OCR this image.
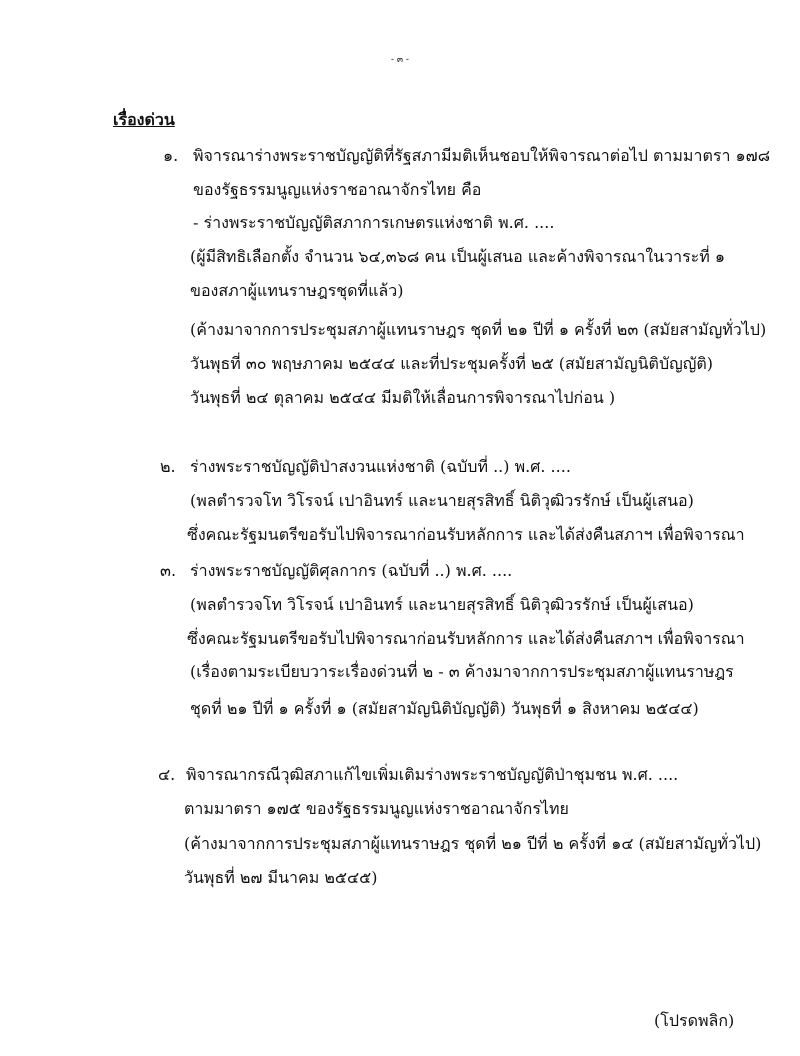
- ๓ -
เรื่องด่วน
๑. พิจารณาร่างพระราชบัญญัติที่รัฐสภามีมติเห็นชอบให้พิจารณาต่อไป ตามมาตรา ๑๗๘
ของรัฐธรรมนูญแห่งราชอาณาจักรไทย คือ
- ร่างพระราชบัญญัติสภาการเกษตรแห่งชาติ พ.ศ. ....
(ผู้มีสิทธิเลือกตั้ง จำนวน ๖๔,๓๖๘ คน เป็นผู้เสนอ และค้างพิจารณาในวาระที่ ๑
ของสภาผู้แทนราษฎรชุดที่แล้ว)
(ค้างมาจากการประชุมสภาผู้แทนราษฎร ชุดที่ ๒๑ ปีที่ ๑ ครั้งที่ ๒๓ (สมัยสามัญทั่วไป)
วันพุธที่ ๓๐ พฤษภาคม ๒๕๔๔ และที่ประชุมครั้งที่ ๒๕ (สมัยสามัญนิติบัญญัติ)
วันพุธที่ ๒๔ ตุลาคม ๒๕๔๔ มีมติให้เลื่อนการพิจารณาไปก่อน )
๒. ร่างพระราชบัญญัติป่าสงวนแห่งชาติ (ฉบับที่ ..) พ.ศ. ....
(พลตำรวจโท วิโรจน์ เปาอินทร์ และนายสุรสิทธิ์ นิติวุฒิวรรักษ์ เป็นผู้เสนอ)
ซึ่งคณะรัฐมนตรีขอรับไปพิจารณาก่อนรับหลักการ และได้ส่งคืนสภาฯ เพื่อพิจารณา
๓. ร่างพระราชบัญญัติศุลกากร (ฉบับที่ ..) พ.ศ. ....
(พลตำรวจโท วิโรจน์ เปาอินทร์ และนายสุรสิทธิ์ นิติวุฒิวรรักษ์ เป็นผู้เสนอ)
ซึ่งคณะรัฐมนตรีขอรับไปพิจารณาก่อนรับหลักการ และได้ส่งคืนสภาฯ เพื่อพิจารณา
(เรื่องตามระเบียบวาระเรื่องด่วนที่ ๒ - ๓ ค้างมาจากการประชุมสภาผู้แทนราษฎร
ชุดที่ ๒๑ ปีที่ ๑ ครั้งที่ ๑ (สมัยสามัญนิติบัญญัติ) วันพุธที่ ๑ สิงหาคม ๒๕๔๔)
๔. พิจารณากรณีวุฒิสภาแก้ไขเพิ่มเติมร่างพระราชบัญญัติป่าชุมชน พ.ศ. ....
ตามมาตรา ๑๗๕ ของรัฐธรรมนูญแห่งราชอาณาจักรไทย
(ค้างมาจากการประชุมสภาผู้แทนราษฎร ชุดที่ ๒๑ ปีที่ ๒ ครั้งที่ ๑๔ (สมัยสามัญทั่วไป)
วันพุธที่ ๒๗ มีนาคม ๒๕๔๕)
(โปรดพลิก)
